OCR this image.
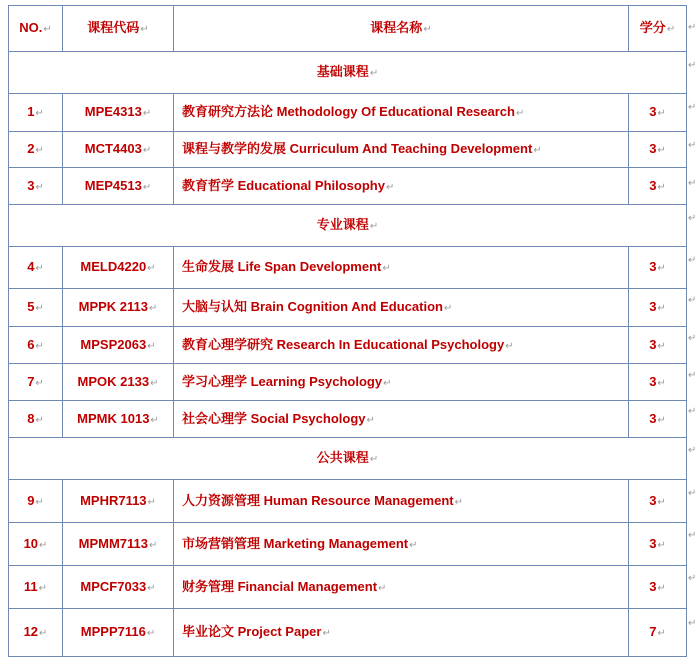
NO.↵	课程代码↵	课程名称↵	学分↵
基础课程↵			
1↵	MPE4313↵	教育研究方法论 Methodology Of Educational Research↵	3↵
2↵	MCT4403↵	课程与教学的发展 Curriculum And Teaching Development↵	3↵
3↵	MEP4513↵	教育哲学 Educational Philosophy↵	3↵
专业课程↵			
4↵	MELD4220↵	生命发展 Life Span Development↵	3↵
5↵	MPPK 2113↵	大脑与认知 Brain Cognition And Education↵	3↵
6↵	MPSP2063↵	教育心理学研究 Research In Educational Psychology↵	3↵
7↵	MPOK 2133↵	学习心理学 Learning Psychology↵	3↵
8↵	MPMK 1013↵	社会心理学 Social Psychology↵	3↵
公共课程↵			
9↵	MPHR7113↵	人力资源管理 Human Resource Management↵	3↵
10↵	MPMM7113↵	市场营销管理 Marketing Management↵	3↵
11↵	MPCF7033↵	财务管理 Financial Management↵	3↵
12↵	MPPP7116↵	毕业论文 Project Paper↵	7↵
↵
↵
↵
↵
↵
↵
↵
↵
↵
↵
↵
↵
↵
↵
↵
↵
